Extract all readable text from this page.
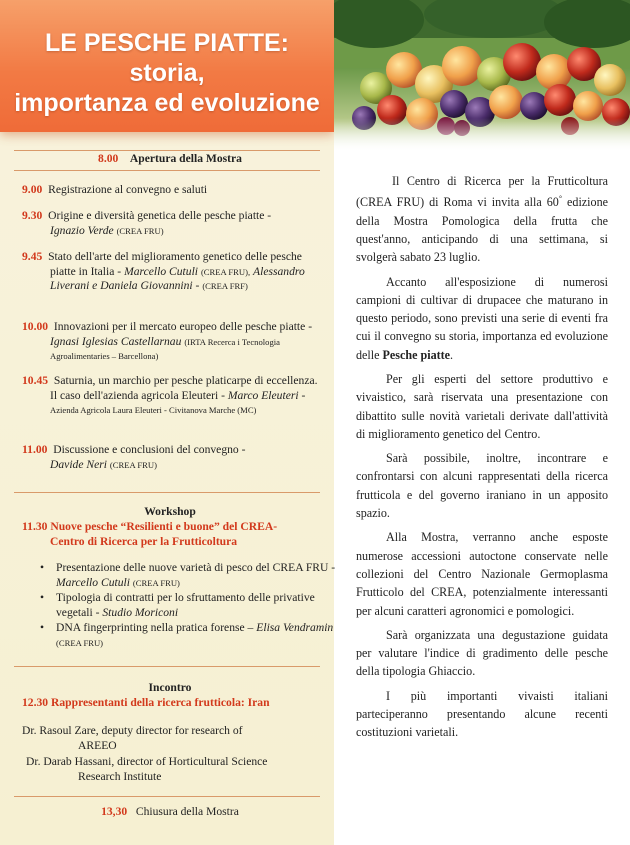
LE PESCHE PIATTE:
storia,
importanza ed evoluzione
8.00 Apertura della Mostra
9.00 Registrazione al convegno e saluti
9.30 Origine e diversità genetica delle pesche piatte -
Ignazio Verde (CREA FRU)
9.45 Stato dell'arte del miglioramento genetico delle pesche piatte in Italia - Marcello Cutuli (CREA FRU), Alessandro Liverani e Daniela Giovannini - (CREA FRF)
10.00 Innovazioni per il mercato europeo delle pesche piatte - Ignasi Iglesias Castellarnau (IRTA Recerca i Tecnologia Agroalimentaries – Barcellona)
10.45 Saturnia, un marchio per pesche platicarpe di eccellenza. Il caso dell'azienda agricola Eleuteri - Marco Eleuteri - Azienda Agricola Laura Eleuteri - Civitanova Marche (MC)
11.00 Discussione e conclusioni del convegno -
Davide Neri (CREA FRU)
Workshop
11.30 Nuove pesche “Resilienti e buone” del CREA-
Centro di Ricerca per la Frutticoltura
• Presentazione delle nuove varietà di pesco del CREA FRU - Marcello Cutuli (CREA FRU)
• Tipologia di contratti per lo sfruttamento delle privative vegetali - Studio Moriconi
• DNA fingerprinting nella pratica forense – Elisa Vendramin (CREA FRU)
Incontro
12.30 Rappresentanti della ricerca frutticola: Iran
Dr. Rasoul Zare, deputy director for research of
AREEO
Dr. Darab Hassani, director of Horticultural Science
Research Institute
13,30 Chiusura della Mostra

Il Centro di Ricerca per la Frutticoltura (CREA FRU) di Roma vi invita alla 60° edizione della Mostra Pomologica della frutta che quest'anno, anticipando di una settimana, si svolgerà sabato 23 luglio.

Accanto all'esposizione di numerosi campioni di cultivar di drupacee che maturano in questo periodo, sono previsti una serie di eventi fra cui il convegno su storia, importanza ed evoluzione delle Pesche piatte.

Per gli esperti del settore produttivo e vivaistico, sarà riservata una presentazione con dibattito sulle novità varietali derivate dall'attività di miglioramento genetico del Centro.

Sarà possibile, inoltre, incontrare e confrontarsi con alcuni rappresentati della ricerca frutticola e del governo iraniano in un apposito spazio.

Alla Mostra, verranno anche esposte numerose accessioni autoctone conservate nelle collezioni del Centro Nazionale Germoplasma Frutticolo del CREA, potenzialmente interessanti per alcuni caratteri agronomici e pomologici.

Sarà organizzata una degustazione guidata per valutare l'indice di gradimento delle pesche della tipologia Ghiaccio.

I più importanti vivaisti italiani parteciperanno presentando alcune recenti costituzioni varietali.
